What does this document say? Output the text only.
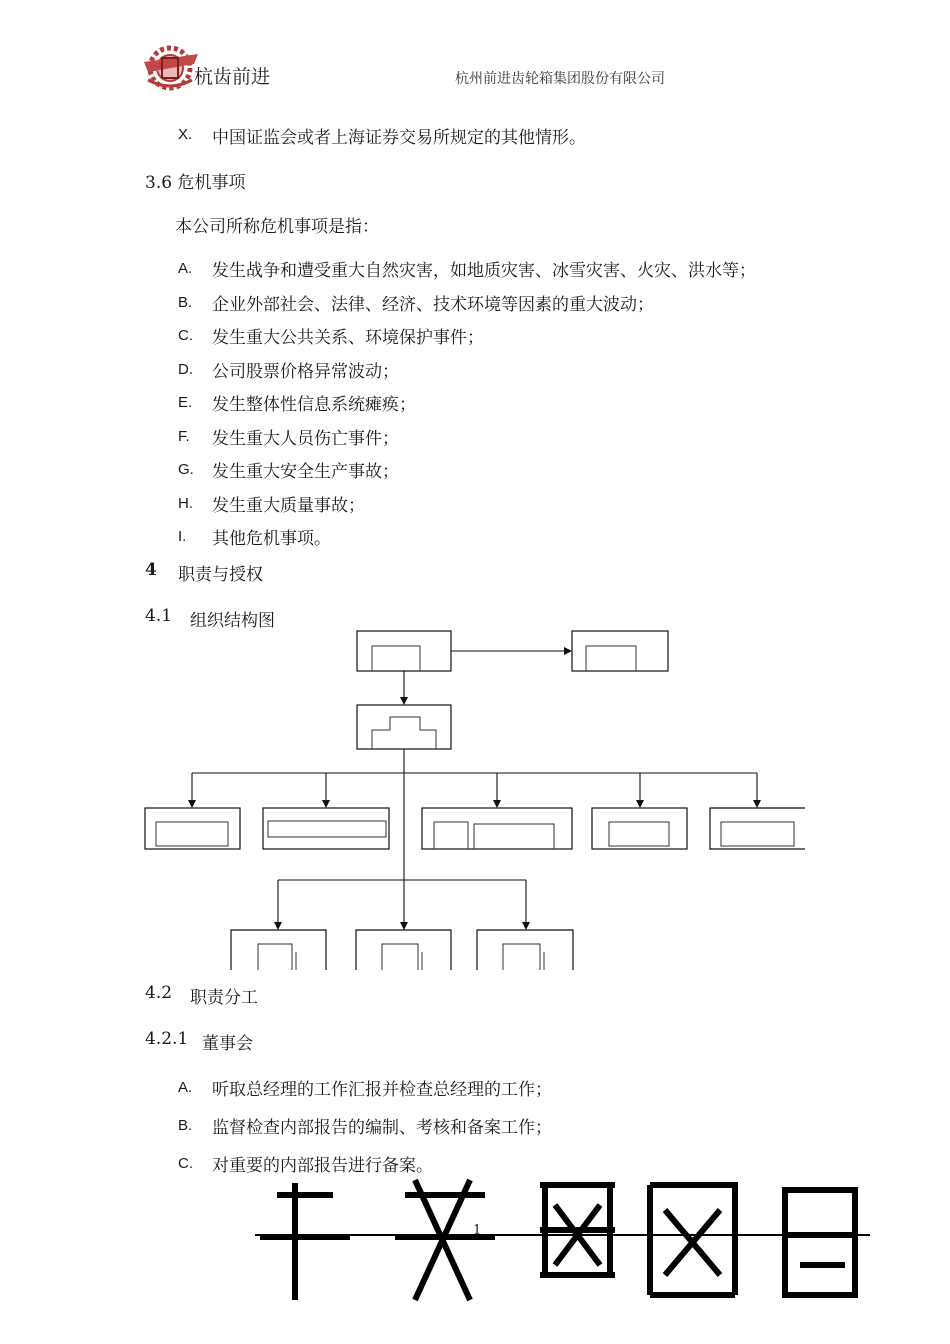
杭齿前进	杭州前进齿轮箱集团股份有限公司
X. 中国证监会或者上海证券交易所规定的其他情形。
3.6 危机事项
本公司所称危机事项是指：
A. 发生战争和遭受重大自然灾害，如地质灾害、冰雪灾害、火灾、洪水等；
B. 企业外部社会、法律、经济、技术环境等因素的重大波动；
C. 发生重大公共关系、环境保护事件；
D. 公司股票价格异常波动；
E. 发生整体性信息系统瘫痪；
F. 发生重大人员伤亡事件；
G. 发生重大安全生产事故；
H. 发生重大质量事故；
I. 其他危机事项。
4 职责与授权
4.1 组织结构图
4.2 职责分工
4.2.1 董事会
A. 听取总经理的工作汇报并检查总经理的工作；
B. 监督检查内部报告的编制、考核和备案工作；
C. 对重要的内部报告进行备案。
1
